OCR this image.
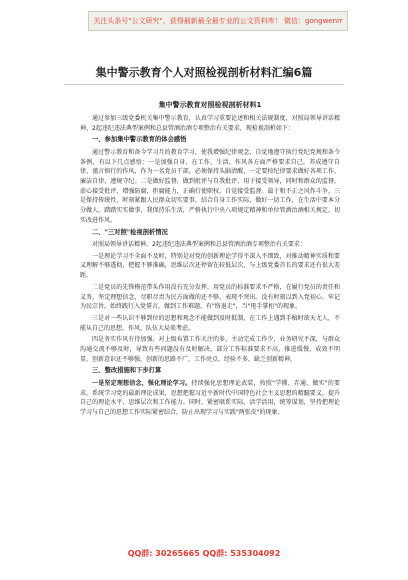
关注头条号"公文研究"，获得最新最全最专业的公文资料库！ 微信：gongwenrr
集中警示教育个人对照检视剖析材料汇编6篇
集中警示教育对照检视剖析材料1
通过参加三级党委机关集中警示教育，认真学习重要论述和相关法规制度，对照局领导讲话精神、2起违纪违法典型案例和总县管酒治酒专项整治有关要求，现检视剖析如下：
一、参加集中警示教育的体会感悟
通过警示教育和备今学习月的教育学习，使我增强纪律观念，自觉地遵守执行党纪党规和条令条例，有以下几点感悟：一是加强自身，在工作、生活、作风各方面严格要求自己，养成遵守自律、谨言慎行的作风，作为一名党员干部，必须保持头脑清醒，一定要按纪律要求做好各项工作，廉洁自律，遵规守纪。二是做好监督，做到批评与自我批评，用于接受领导，同时和群众的监督，虚心接受批评，增强防腐，拒腐能力，正确行使职权，自觉接受监督。最于和不正之风作斗争，三是保持传统性，时刻紧跟人民群众切实要事，结合自身工作实际，做好一切工作，在生活中要本分分做人，踏踏实实做事，我保持乐生活，严格执行中央八项规定精神和单位管酒治酒相关规定，切实改进作风。
二、"三对照"检视剖析情况
对照局领导讲话精神、2起违纪违法典型案例和总县管酒治酒专项整治有关要求：
一是理论学习不全面不及时，特别是对党的创新理论学得不深入不细致，对推动精神实质和要义理解不够透彻，把握不够准确，思维层次还停留在较低层次，与上级党委首长的要求还有很大差距。
二是党员的先锋模范带头作用没有充分发挥，用党员的标准要求不严格，在履行党员的责任和义务，坚定理想信念，尽职尽责为民方面做的还不够，表现不突出。没有时刻以到入党初心，牢记为民宗旨，始终践行入党誓言，做到工作难题，有"络退走"，当"甩手掌柜"的现象。
三是对一些认识不够到位的思想和观念不能做到及时抵制，在工作上遇到手稿时欲天尤人，不能从自己的思想、作风、队伍大局来考虑。
四是务实作风有待加强。对上级布置工作关注的多，主动完成工作少，业务研究不深，与群众沟通交流不够及时，导致有些问题没有及时解决，部分工作标准要求不高，推进缓慢，成效不明显。创新意识还不够强，创新的思路不广，工作亮点，经验不多，缺乏创新精神。
三、整改措施和下步打算
一是坚定理想信念，强化理论学习。持续强化思想理论武装，按照"学懂、弄通、做实"的要求，系统学习党的最新理论成果，思想把握习近平新时代中国特色社会主义思想的精髓要义，提升自己的理论水平，思维层次和工作能力。同时，紧密联系实际，活学活用，统筹谋划，坚持把理论学习与自己的思想工作实际紧密结合，防止出现学习与实践"两张皮"的现象。
QQ群: 30265665 QQ群: 535304092
